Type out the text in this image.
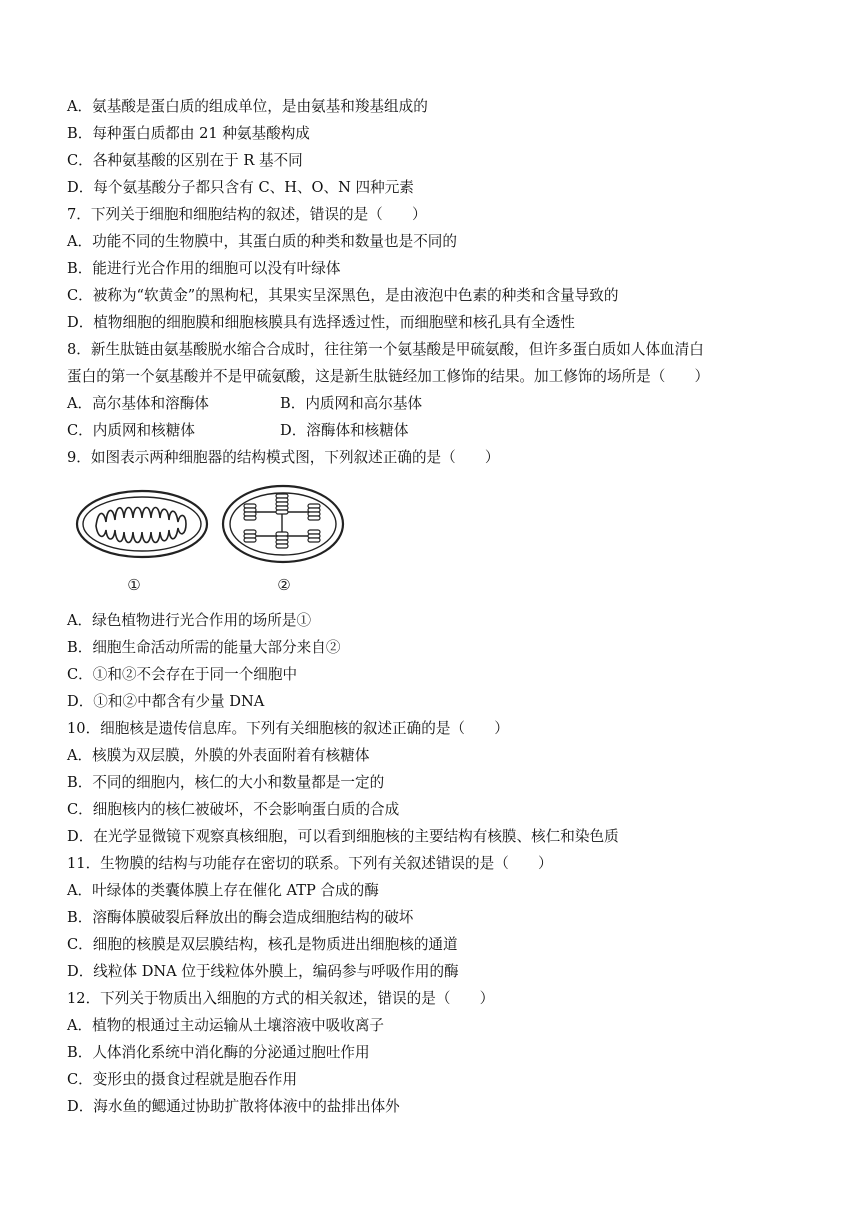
A．氨基酸是蛋白质的组成单位，是由氨基和羧基组成的
B．每种蛋白质都由 21 种氨基酸构成
C．各种氨基酸的区别在于 R 基不同
D．每个氨基酸分子都只含有 C、H、O、N 四种元素
7．下列关于细胞和细胞结构的叙述，错误的是（　　）
A．功能不同的生物膜中，其蛋白质的种类和数量也是不同的
B．能进行光合作用的细胞可以没有叶绿体
C．被称为“软黄金”的黑枸杞，其果实呈深黑色，是由液泡中色素的种类和含量导致的
D．植物细胞的细胞膜和细胞核膜具有选择透过性，而细胞壁和核孔具有全透性
8．新生肽链由氨基酸脱水缩合合成时，往往第一个氨基酸是甲硫氨酸，但许多蛋白质如人体血清白
蛋白的第一个氨基酸并不是甲硫氨酸，这是新生肽链经加工修饰的结果。加工修饰的场所是（　　）
A．高尔基体和溶酶体	B．内质网和高尔基体
C．内质网和核糖体	D．溶酶体和核糖体
9．如图表示两种细胞器的结构模式图，下列叙述正确的是（　　）
①	②
A．绿色植物进行光合作用的场所是①
B．细胞生命活动所需的能量大部分来自②
C．①和②不会存在于同一个细胞中
D．①和②中都含有少量 DNA
10．细胞核是遗传信息库。下列有关细胞核的叙述正确的是（　　）
A．核膜为双层膜，外膜的外表面附着有核糖体
B．不同的细胞内，核仁的大小和数量都是一定的
C．细胞核内的核仁被破坏，不会影响蛋白质的合成
D．在光学显微镜下观察真核细胞，可以看到细胞核的主要结构有核膜、核仁和染色质
11．生物膜的结构与功能存在密切的联系。下列有关叙述错误的是（　　）
A．叶绿体的类囊体膜上存在催化 ATP 合成的酶
B．溶酶体膜破裂后释放出的酶会造成细胞结构的破坏
C．细胞的核膜是双层膜结构，核孔是物质进出细胞核的通道
D．线粒体 DNA 位于线粒体外膜上，编码参与呼吸作用的酶
12．下列关于物质出入细胞的方式的相关叙述，错误的是（　　）
A．植物的根通过主动运输从土壤溶液中吸收离子
B．人体消化系统中消化酶的分泌通过胞吐作用
C．变形虫的摄食过程就是胞吞作用
D．海水鱼的鳃通过协助扩散将体液中的盐排出体外
